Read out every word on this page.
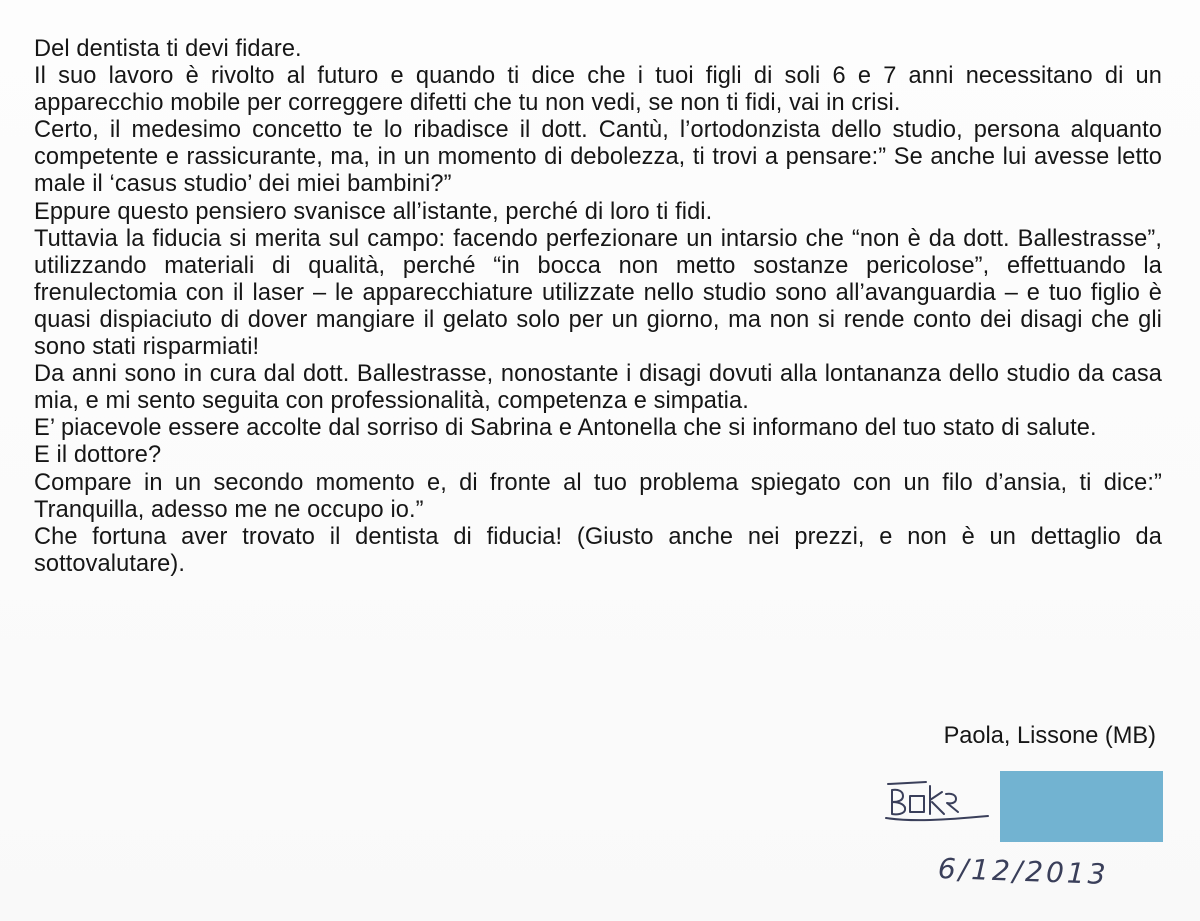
Del dentista ti devi fidare.

Il suo lavoro è rivolto al futuro e quando ti dice che i tuoi figli di soli 6 e 7 anni necessitano di un apparecchio mobile per correggere difetti che tu non vedi, se non ti fidi, vai in crisi.

Certo, il medesimo concetto te lo ribadisce il dott. Cantù, l’ortodonzista dello studio, persona alquanto competente e rassicurante, ma, in un momento di debolezza, ti trovi a pensare:” Se anche lui avesse letto male il ‘casus studio’ dei miei bambini?”

Eppure questo pensiero svanisce all’istante, perché di loro ti fidi.

Tuttavia la fiducia si merita sul campo: facendo perfezionare un intarsio che “non è da dott. Ballestrasse”, utilizzando materiali di qualità, perché “in bocca non metto sostanze pericolose”, effettuando la frenulectomia con il laser – le apparecchiature utilizzate nello studio sono all’avanguardia – e tuo figlio è quasi dispiaciuto di dover mangiare il gelato solo per un giorno, ma non si rende conto dei disagi che gli sono stati risparmiati!

Da anni sono in cura dal dott. Ballestrasse, nonostante i disagi dovuti alla lontananza dello studio da casa mia, e mi sento seguita con professionalità, competenza e simpatia.

E’ piacevole essere accolte dal sorriso di Sabrina e Antonella che si informano del tuo stato di salute.

E il dottore?

Compare in un secondo momento e, di fronte al tuo problema spiegato con un filo d’ansia, ti dice:” Tranquilla, adesso me ne occupo io.”

Che fortuna aver trovato il dentista di fiducia! (Giusto anche nei prezzi, e non è un dettaglio da sottovalutare).

Paola, Lissone (MB)
6/12/2013
